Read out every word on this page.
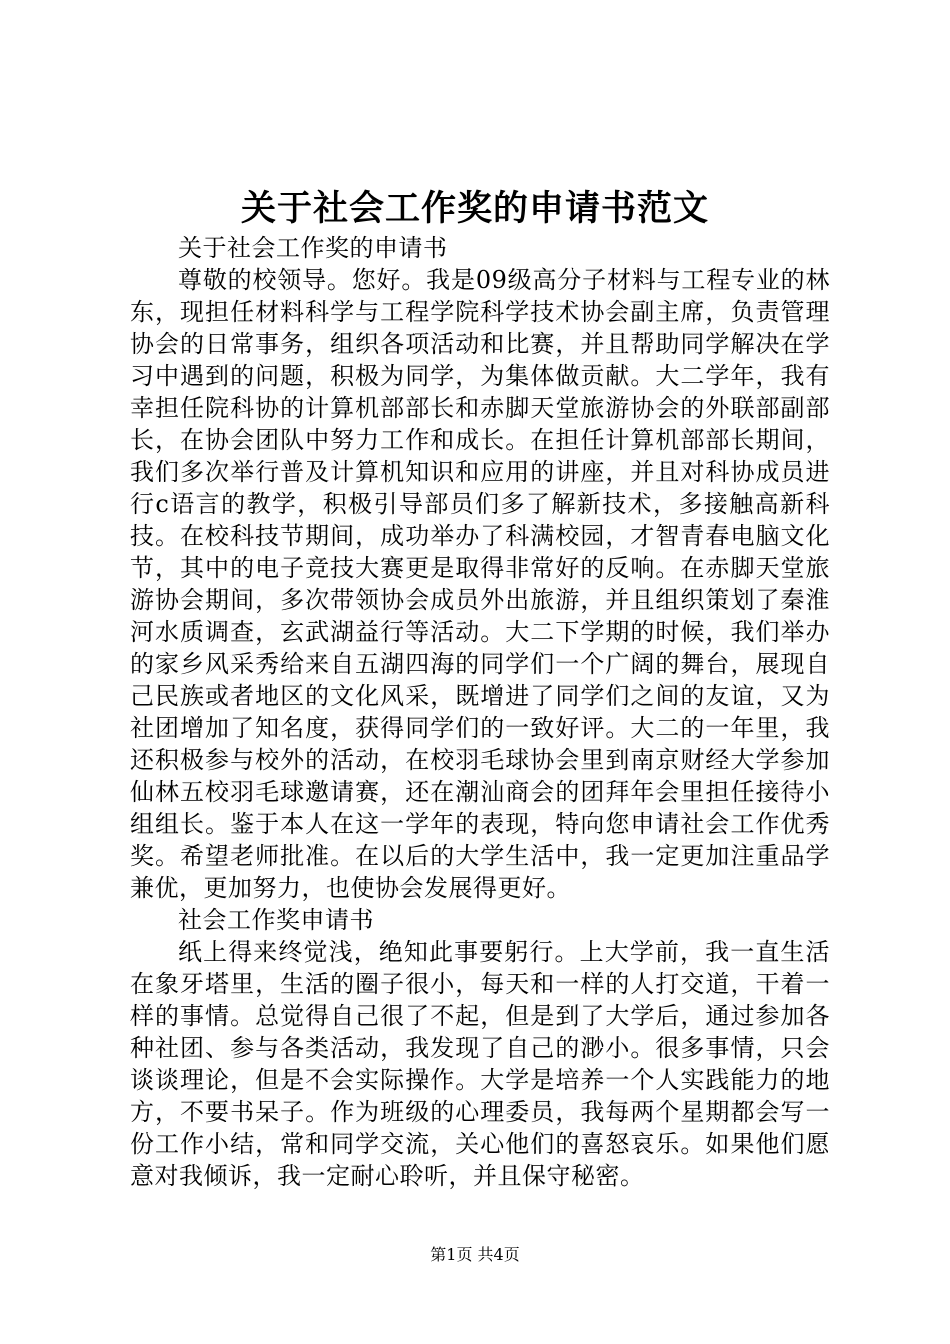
关于社会工作奖的申请书范文

关于社会工作奖的申请书

尊敬的校领导。您好。我是09级高分子材料与工程专业的林东，现担任材料科学与工程学院科学技术协会副主席，负责管理协会的日常事务，组织各项活动和比赛，并且帮助同学解决在学习中遇到的问题，积极为同学，为集体做贡献。大二学年，我有幸担任院科协的计算机部部长和赤脚天堂旅游协会的外联部副部长，在协会团队中努力工作和成长。在担任计算机部部长期间，我们多次举行普及计算机知识和应用的讲座，并且对科协成员进行c语言的教学，积极引导部员们多了解新技术，多接触高新科技。在校科技节期间，成功举办了科满校园，才智青春电脑文化节，其中的电子竞技大赛更是取得非常好的反响。在赤脚天堂旅游协会期间，多次带领协会成员外出旅游，并且组织策划了秦淮河水质调查，玄武湖益行等活动。大二下学期的时候，我们举办的家乡风采秀给来自五湖四海的同学们一个广阔的舞台，展现自己民族或者地区的文化风采，既增进了同学们之间的友谊，又为社团增加了知名度，获得同学们的一致好评。大二的一年里，我还积极参与校外的活动，在校羽毛球协会里到南京财经大学参加仙林五校羽毛球邀请赛，还在潮汕商会的团拜年会里担任接待小组组长。鉴于本人在这一学年的表现，特向您申请社会工作优秀奖。希望老师批准。在以后的大学生活中，我一定更加注重品学兼优，更加努力，也使协会发展得更好。

社会工作奖申请书

纸上得来终觉浅，绝知此事要躬行。上大学前，我一直生活在象牙塔里，生活的圈子很小，每天和一样的人打交道，干着一样的事情。总觉得自己很了不起，但是到了大学后，通过参加各种社团、参与各类活动，我发现了自己的渺小。很多事情，只会谈谈理论，但是不会实际操作。大学是培养一个人实践能力的地方，不要书呆子。作为班级的心理委员，我每两个星期都会写一份工作小结，常和同学交流，关心他们的喜怒哀乐。如果他们愿意对我倾诉，我一定耐心聆听，并且保守秘密。

第1页 共4页
